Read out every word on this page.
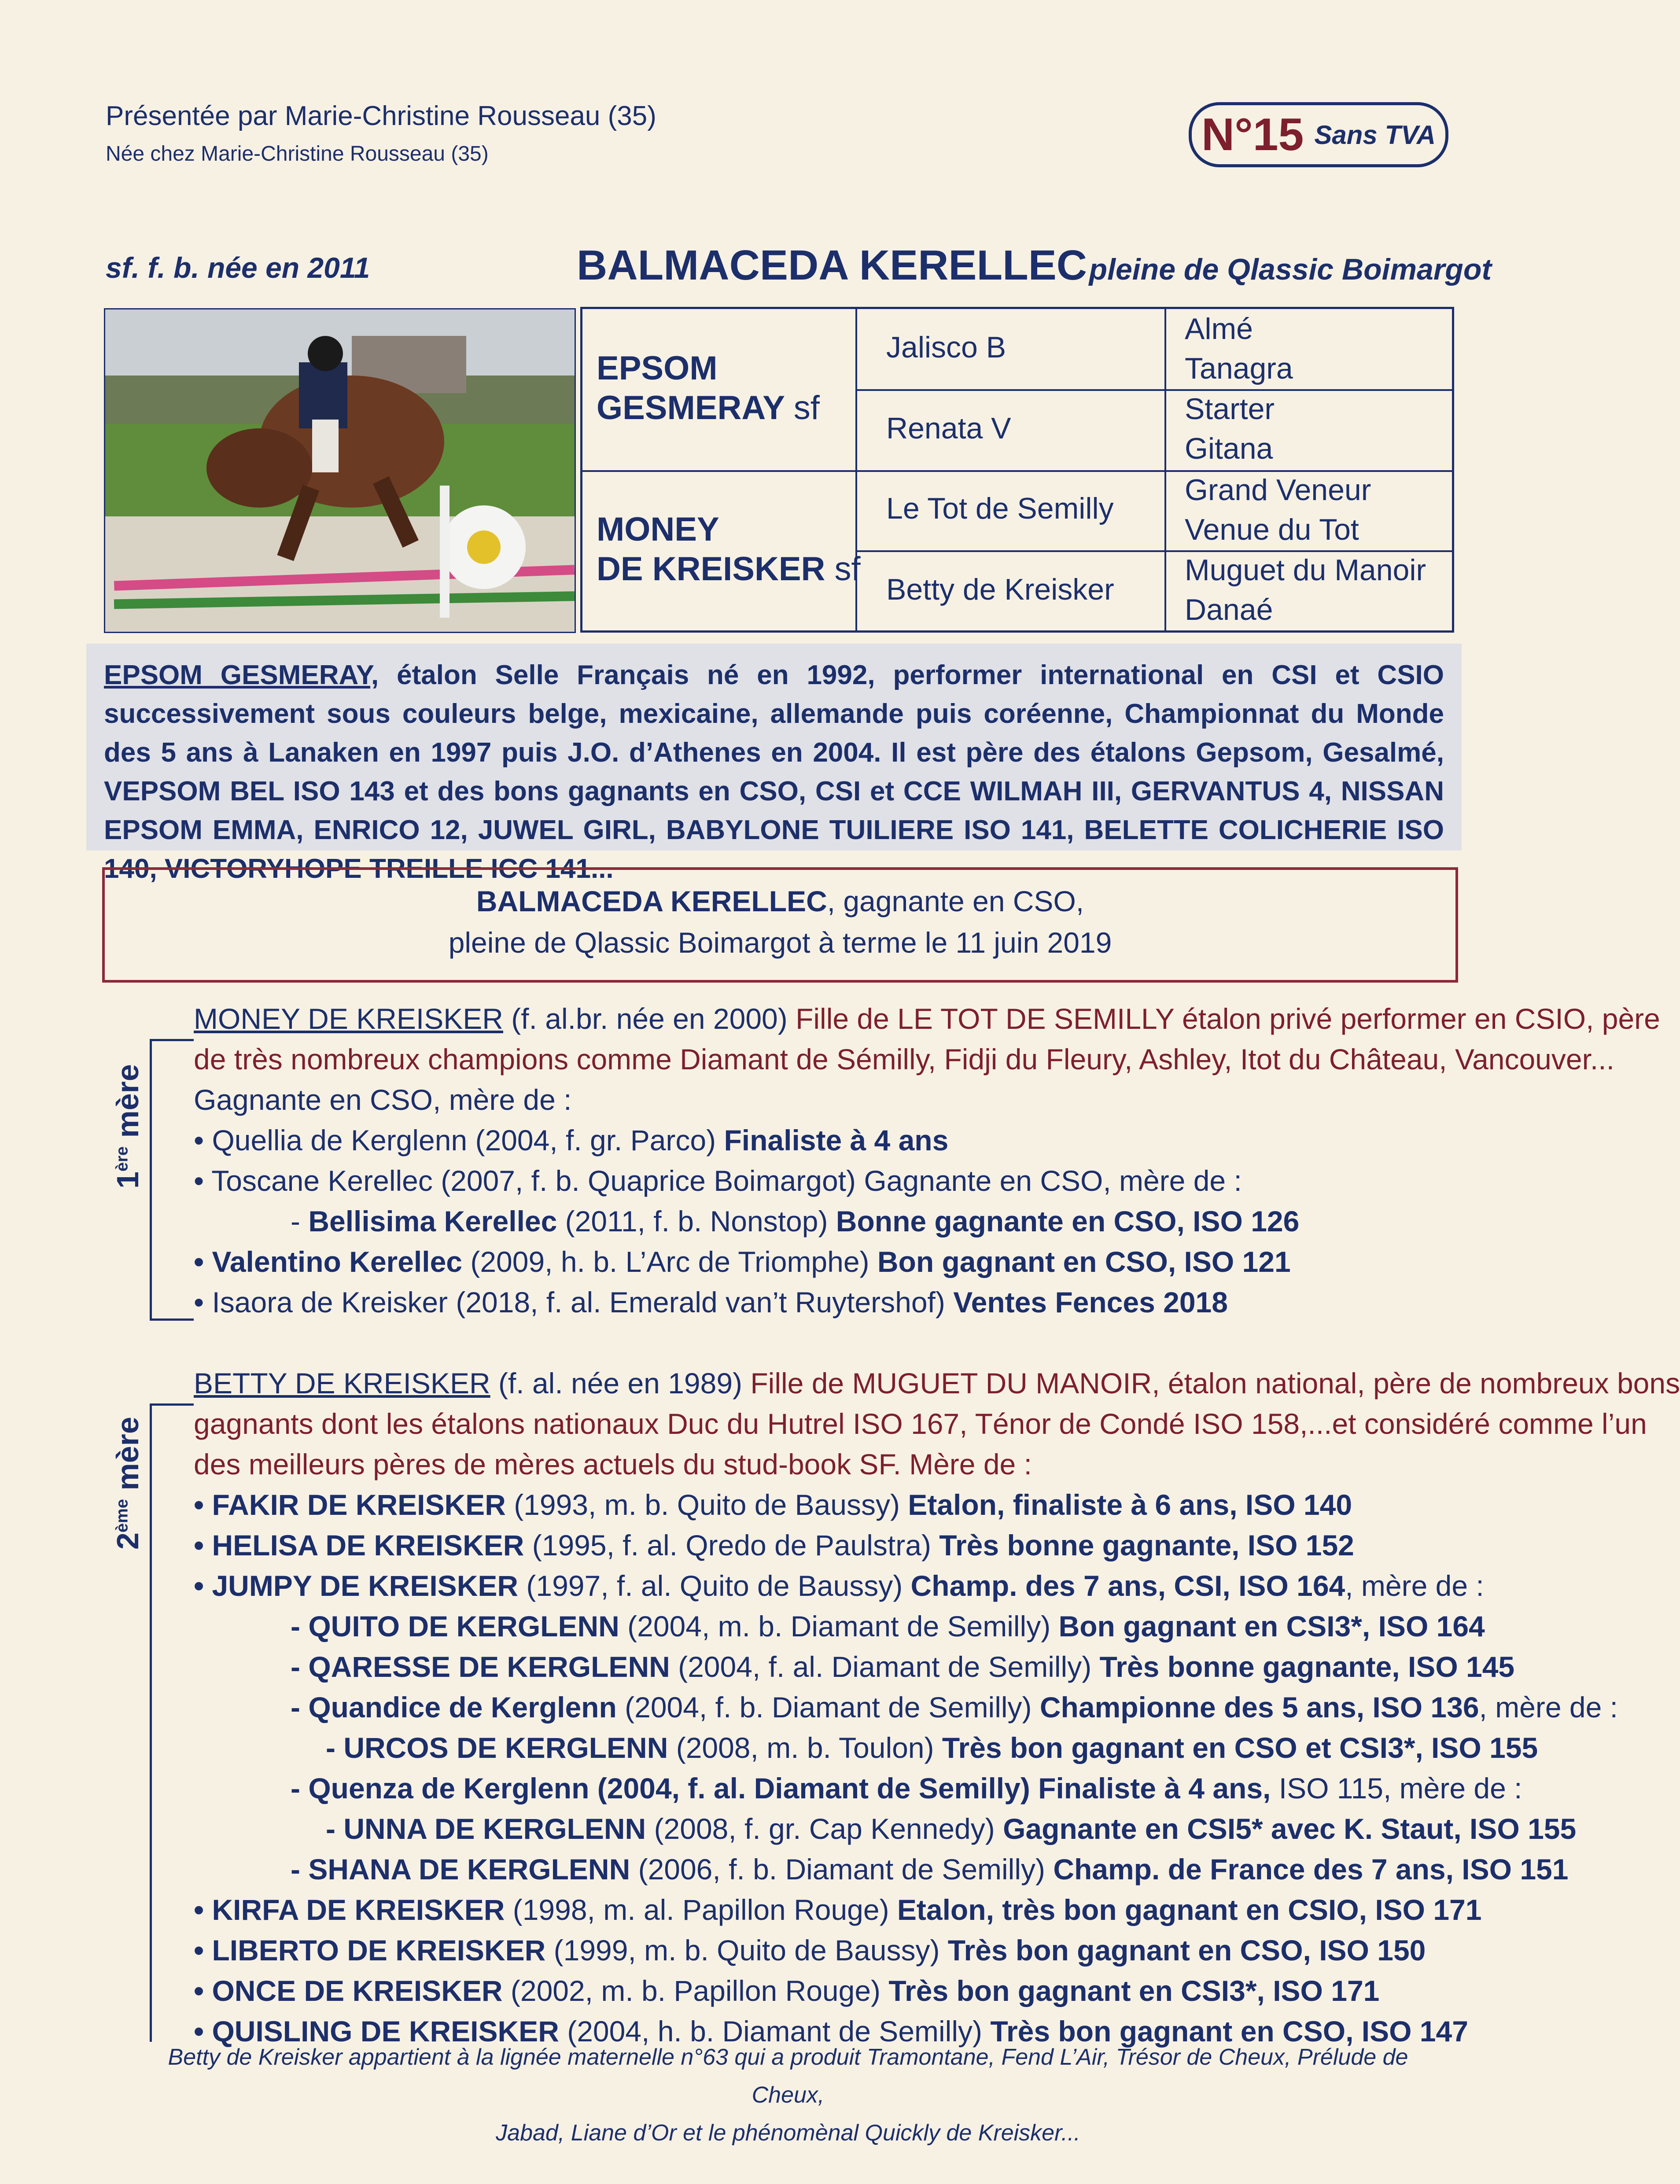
Présentée par Marie-Christine Rousseau (35)
Née chez Marie-Christine Rousseau (35)	N°15 Sans TVA
sf. f. b. née en 2011	BALMACEDA KERELLEC pleine de Qlassic Boimargot
EPSOM
GESMERAY sf
MONEY
DE KREISKER sf
Jalisco B
Renata V
Le Tot de Semilly
Betty de Kreisker
Almé
Tanagra
Starter
Gitana
Grand Veneur
Venue du Tot
Muguet du Manoir
Danaé
EPSOM GESMERAY, étalon Selle Français né en 1992, performer international en CSI et CSIO successivement sous couleurs belge, mexicaine, allemande puis coréenne, Championnat du Monde des 5 ans à Lanaken en 1997 puis J.O. d’Athenes en 2004. Il est père des étalons Gepsom, Gesalmé, VEPSOM BEL ISO 143 et des bons gagnants en CSO, CSI et CCE WILMAH III, GERVANTUS 4, NISSAN EPSOM EMMA, ENRICO 12, JUWEL GIRL, BABYLONE TUILIERE ISO 141, BELETTE COLICHERIE ISO 140, VICTORYHOPE TREILLE ICC 141...
BALMACEDA KERELLEC, gagnante en CSO,
pleine de Qlassic Boimargot à terme le 11 juin 2019
MONEY DE KREISKER (f. al.br. née en 2000) Fille de LE TOT DE SEMILLY étalon privé performer en CSIO, père
de très nombreux champions comme Diamant de Sémilly, Fidji du Fleury, Ashley, Itot du Château, Vancouver...
Gagnante en CSO, mère de :
• Quellia de Kerglenn (2004, f. gr. Parco) Finaliste à 4 ans
• Toscane Kerellec (2007, f. b. Quaprice Boimargot) Gagnante en CSO, mère de :
- Bellisima Kerellec (2011, f. b. Nonstop) Bonne gagnante en CSO, ISO 126
• Valentino Kerellec (2009, h. b. L’Arc de Triomphe) Bon gagnant en CSO, ISO 121
• Isaora de Kreisker (2018, f. al. Emerald van’t Ruytershof) Ventes Fences 2018
1ère mère
BETTY DE KREISKER (f. al. née en 1989) Fille de MUGUET DU MANOIR, étalon national, père de nombreux bons
gagnants dont les étalons nationaux Duc du Hutrel ISO 167, Ténor de Condé ISO 158,...et considéré comme l’un
des meilleurs pères de mères actuels du stud-book SF. Mère de :
• FAKIR DE KREISKER (1993, m. b. Quito de Baussy) Etalon, finaliste à 6 ans, ISO 140
• HELISA DE KREISKER (1995, f. al. Qredo de Paulstra) Très bonne gagnante, ISO 152
• JUMPY DE KREISKER (1997, f. al. Quito de Baussy) Champ. des 7 ans, CSI, ISO 164, mère de :
- QUITO DE KERGLENN (2004, m. b. Diamant de Semilly) Bon gagnant en CSI3*, ISO 164
- QARESSE DE KERGLENN (2004, f. al. Diamant de Semilly) Très bonne gagnante, ISO 145
- Quandice de Kerglenn (2004, f. b. Diamant de Semilly) Championne des 5 ans, ISO 136, mère de :
- URCOS DE KERGLENN (2008, m. b. Toulon) Très bon gagnant en CSO et CSI3*, ISO 155
- Quenza de Kerglenn (2004, f. al. Diamant de Semilly) Finaliste à 4 ans, ISO 115, mère de :
- UNNA DE KERGLENN (2008, f. gr. Cap Kennedy) Gagnante en CSI5* avec K. Staut, ISO 155
- SHANA DE KERGLENN (2006, f. b. Diamant de Semilly) Champ. de France des 7 ans, ISO 151
• KIRFA DE KREISKER (1998, m. al. Papillon Rouge) Etalon, très bon gagnant en CSIO, ISO 171
• LIBERTO DE KREISKER (1999, m. b. Quito de Baussy) Très bon gagnant en CSO, ISO 150
• ONCE DE KREISKER (2002, m. b. Papillon Rouge) Très bon gagnant en CSI3*, ISO 171
• QUISLING DE KREISKER (2004, h. b. Diamant de Semilly) Très bon gagnant en CSO, ISO 147
2ème mère
Betty de Kreisker appartient à la lignée maternelle n°63 qui a produit Tramontane, Fend L’Air, Trésor de Cheux, Prélude de Cheux,
Jabad, Liane d’Or et le phénomènal Quickly de Kreisker...
